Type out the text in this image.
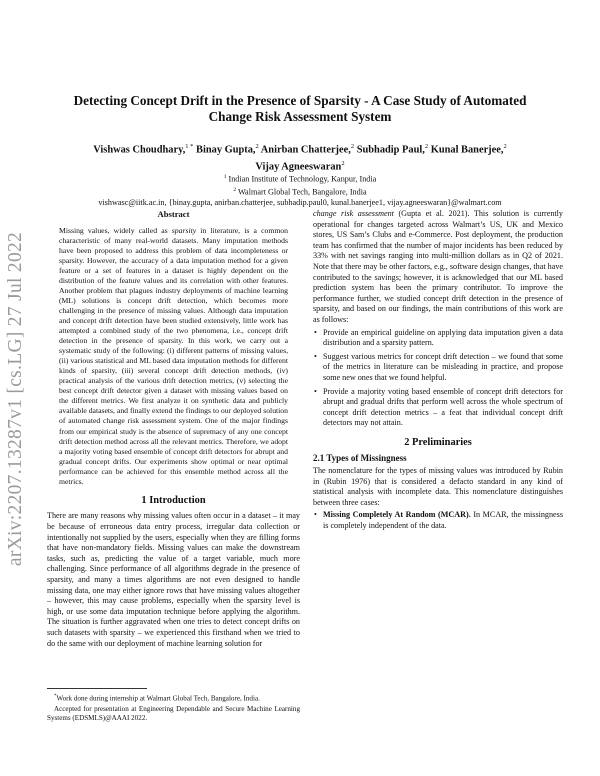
arXiv:2207.13287v1 [cs.LG] 27 Jul 2022
Detecting Concept Drift in the Presence of Sparsity - A Case Study of Automated Change Risk Assessment System
Vishwas Choudhary,$^{1 *}$ Binay Gupta,$^2$ Anirban Chatterjee,$^2$ Subhadip Paul,$^2$ Kunal Banerjee,$^2$
Vijay Agneeswaran$^2$
$^1$ Indian Institute of Technology, Kanpur, India
$^2$ Walmart Global Tech, Bangalore, India
vishwasc@iitk.ac.in, {binay.gupta, anirban.chatterjee, subhadip.paul0, kunal.banerjee1, vijay.agneeswaran}@walmart.com
Abstract
Missing values, widely called as sparsity in literature, is a common characteristic of many real-world datasets. Many imputation methods have been proposed to address this problem of data incompleteness or sparsity. However, the accuracy of a data imputation method for a given feature or a set of features in a dataset is highly dependent on the distribution of the feature values and its correlation with other features. Another problem that plagues industry deployments of machine learning (ML) solutions is concept drift detection, which becomes more challenging in the presence of missing values. Although data imputation and concept drift detection have been studied extensively, little work has attempted a combined study of the two phenomena, i.e., concept drift detection in the presence of sparsity. In this work, we carry out a systematic study of the following: (i) different patterns of missing values, (ii) various statistical and ML based data imputation methods for different kinds of sparsity, (iii) several concept drift detection methods, (iv) practical analysis of the various drift detection metrics, (v) selecting the best concept drift detector given a dataset with missing values based on the different metrics. We first analyze it on synthetic data and publicly available datasets, and finally extend the findings to our deployed solution of automated change risk assessment system. One of the major findings from our empirical study is the absence of supremacy of any one concept drift detection method across all the relevant metrics. Therefore, we adopt a majority voting based ensemble of concept drift detectors for abrupt and gradual concept drifts. Our experiments show optimal or near optimal performance can be achieved for this ensemble method across all the metrics.
1 Introduction

There are many reasons why missing values often occur in a dataset – it may be because of erroneous data entry process, irregular data collection or intentionally not supplied by the users, especially when they are filling forms that have non-mandatory fields. Missing values can make the downstream tasks, such as, predicting the value of a target variable, much more challenging. Since performance of all algorithms degrade in the presence of sparsity, and many a times algorithms are not even designed to handle missing data, one may either ignore rows that have missing values altogether – however, this may cause problems, especially when the sparsity level is high, or use some data imputation technique before applying the algorithm. The situation is further aggravated when one tries to detect concept drifts on such datasets with sparsity – we experienced this firsthand when we tried to do the same with our deployment of machine learning solution for

*Work done during internship at Walmart Global Tech, Bangalore, India.
Accepted for presentation at Engineering Dependable and Secure Machine Learning Systems (EDSMLS)@AAAI 2022.

change risk assessment (Gupta et al. 2021). This solution is currently operational for changes targeted across Walmart’s US, UK and Mexico stores, US Sam’s Clubs and e-Commerce. Post deployment, the production team has confirmed that the number of major incidents has been reduced by 33% with net savings ranging into multi-million dollars as in Q2 of 2021. Note that there may be other factors, e.g., software design changes, that have contributed to the savings; however, it is acknowledged that our ML based prediction system has been the primary contributor. To improve the performance further, we studied concept drift detection in the presence of sparsity, and based on our findings, the main contributions of this work are as follows:

• Provide an empirical guideline on applying data imputation given a data distribution and a sparsity pattern.
• Suggest various metrics for concept drift detection – we found that some of the metrics in literature can be misleading in practice, and propose some new ones that we found helpful.
• Provide a majority voting based ensemble of concept drift detectors for abrupt and gradual drifts that perform well across the whole spectrum of concept drift detection metrics – a feat that individual concept drift detectors may not attain.
2 Preliminaries
2.1 Types of Missingness

The nomenclature for the types of missing values was introduced by Rubin in (Rubin 1976) that is considered a defacto standard in any kind of statistical analysis with incomplete data. This nomenclature distinguishes between three cases:

• Missing Completely At Random (MCAR). In MCAR, the missingness is completely independent of the data.
